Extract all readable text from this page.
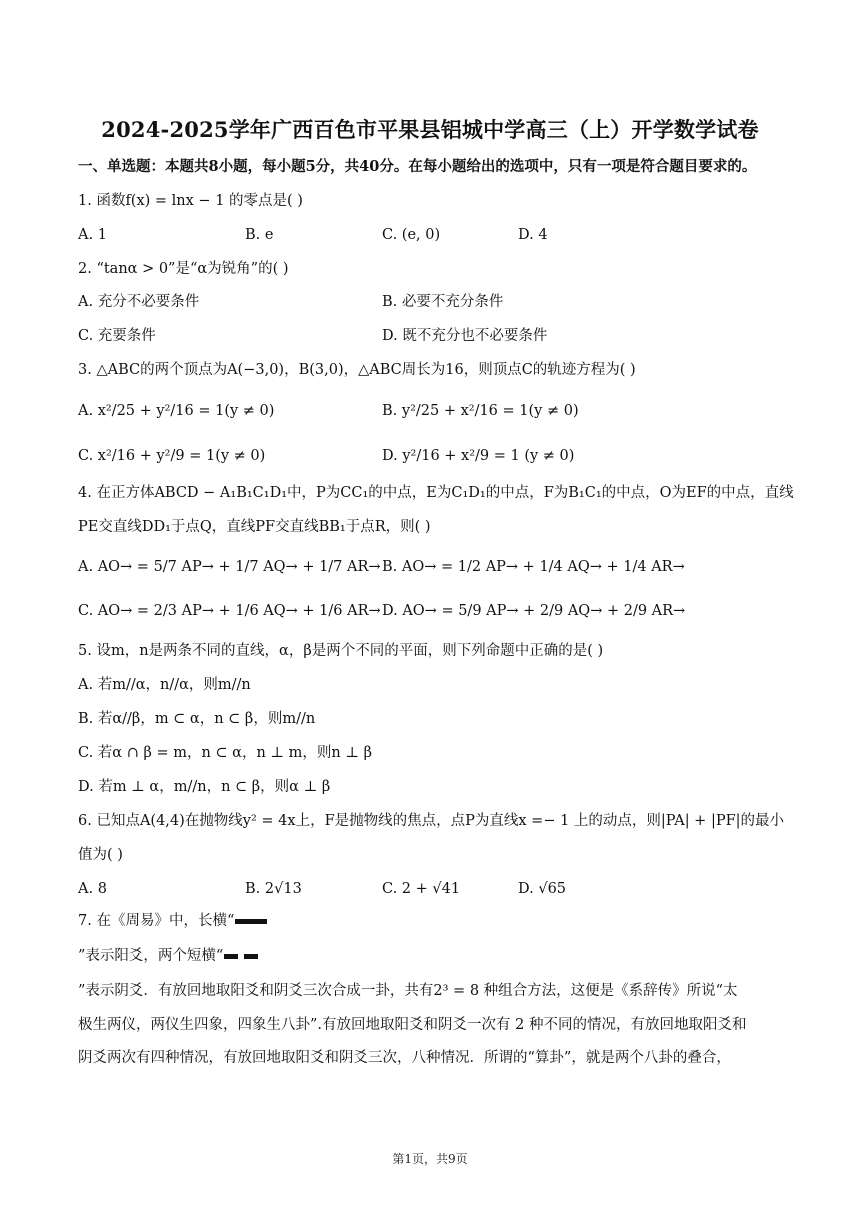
2024-2025学年广西百色市平果县铝城中学高三（上）开学数学试卷
一、单选题：本题共8小题，每小题5分，共40分。在每小题给出的选项中，只有一项是符合题目要求的。
1. 函数f(x) = lnx − 1 的零点是( )
A. 1	B. e	C. (e, 0)	D. 4
2. “tanα > 0”是“α为锐角”的( )
A. 充分不必要条件	B. 必要不充分条件
C. 充要条件	D. 既不充分也不必要条件
3. △ABC的两个顶点为A(−3,0)，B(3,0)，△ABC周长为16，则顶点C的轨迹方程为( )
A. x²/25 + y²/16 = 1(y ≠ 0)	B. y²/25 + x²/16 = 1(y ≠ 0)
C. x²/16 + y²/9 = 1(y ≠ 0)	D. y²/16 + x²/9 = 1 (y ≠ 0)
4. 在正方体ABCD − A₁B₁C₁D₁中，P为CC₁的中点，E为C₁D₁的中点，F为B₁C₁的中点，O为EF的中点，直线
PE交直线DD₁于点Q，直线PF交直线BB₁于点R，则( )
A. AO→ = 5/7 AP→ + 1/7 AQ→ + 1/7 AR→ B. AO→ = 1/2 AP→ + 1/4 AQ→ + 1/4 AR→
C. AO→ = 2/3 AP→ + 1/6 AQ→ + 1/6 AR→ D. AO→ = 5/9 AP→ + 2/9 AQ→ + 2/9 AR→
5. 设m，n是两条不同的直线，α，β是两个不同的平面，则下列命题中正确的是( )
A. 若m//α，n//α，则m//n
B. 若α//β，m ⊂ α，n ⊂ β，则m//n
C. 若α ∩ β = m，n ⊂ α，n ⊥ m，则n ⊥ β
D. 若m ⊥ α，m//n，n ⊂ β，则α ⊥ β
6. 已知点A(4,4)在抛物线y² = 4x上，F是抛物线的焦点，点P为直线x =− 1 上的动点，则|PA| + |PF|的最小
值为( )
A. 8	B. 2√13	C. 2 + √41	D. √65
7. 在《周易》中，长横“
”表示阳爻，两个短横“
”表示阴爻．有放回地取阳爻和阴爻三次合成一卦，共有2³ = 8 种组合方法，这便是《系辞传》所说“太
极生两仪，两仪生四象，四象生八卦”.有放回地取阳爻和阴爻一次有 2 种不同的情况，有放回地取阳爻和
阴爻两次有四种情况，有放回地取阳爻和阴爻三次，八种情况．所谓的“算卦”，就是两个八卦的叠合，
第1页，共9页
